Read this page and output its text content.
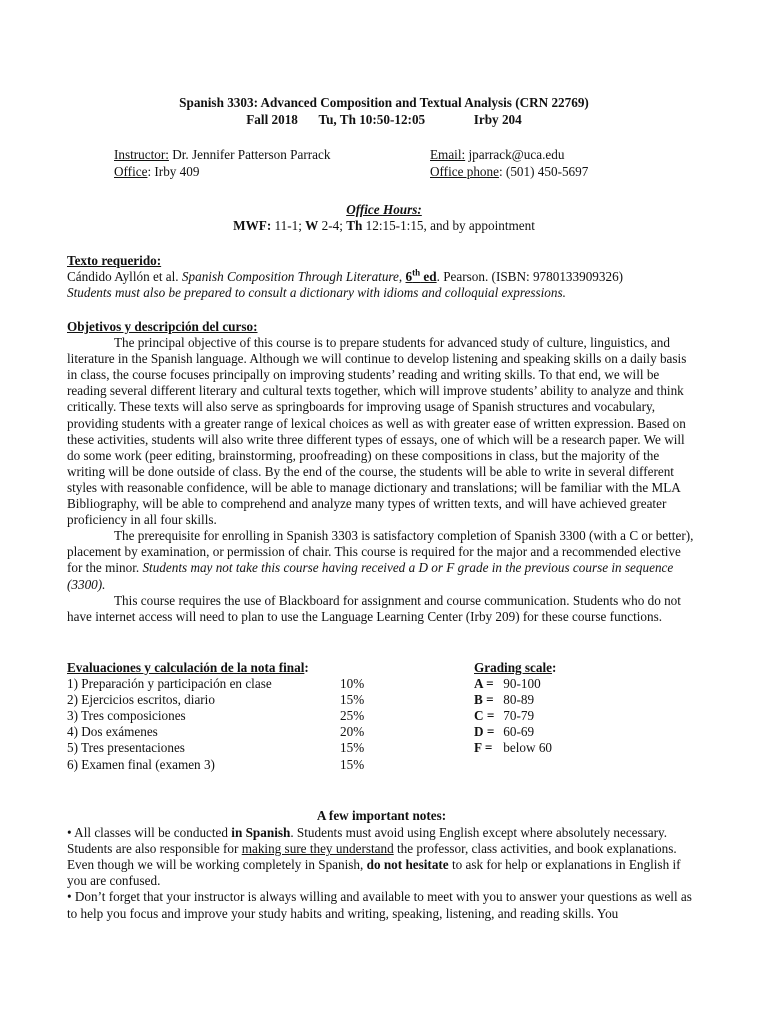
Spanish 3303: Advanced Composition and Textual Analysis (CRN 22769)
Fall 2018 Tu, Th 10:50-12:05	Irby 204
Instructor: Dr. Jennifer Patterson Parrack	Email: jparrack@uca.edu
Office: Irby 409	Office phone: (501) 450-5697
Office Hours:
MWF: 11-1; W 2-4; Th 12:15-1:15, and by appointment
Texto requerido:
Cándido Ayllón et al. Spanish Composition Through Literature, 6th ed. Pearson. (ISBN: 9780133909326)
Students must also be prepared to consult a dictionary with idioms and colloquial expressions.
Objetivos y descripción del curso:

The principal objective of this course is to prepare students for advanced study of culture, linguistics, and literature in the Spanish language. Although we will continue to develop listening and speaking skills on a daily basis in class, the course focuses principally on improving students’ reading and writing skills. To that end, we will be reading several different literary and cultural texts together, which will improve students’ ability to analyze and think critically. These texts will also serve as springboards for improving usage of Spanish structures and vocabulary, providing students with a greater range of lexical choices as well as with greater ease of written expression. Based on these activities, students will also write three different types of essays, one of which will be a research paper. We will do some work (peer editing, brainstorming, proofreading) on these compositions in class, but the majority of the writing will be done outside of class. By the end of the course, the students will be able to write in several different styles with reasonable confidence, will be able to manage dictionary and translations; will be familiar with the MLA Bibliography, will be able to comprehend and analyze many types of written texts, and will have achieved greater proficiency in all four skills.

The prerequisite for enrolling in Spanish 3303 is satisfactory completion of Spanish 3300 (with a C or better), placement by examination, or permission of chair. This course is required for the major and a recommended elective for the minor. Students may not take this course having received a D or F grade in the previous course in sequence (3300).

This course requires the use of Blackboard for assignment and course communication. Students who do not have internet access will need to plan to use the Language Learning Center (Irby 209) for these course functions.

Evaluaciones y calculación de la nota final:	Grading scale:
1) Preparación y participación en clase	10%	A = 90-100
2) Ejercicios escritos, diario	15%	B = 80-89
3) Tres composiciones	25%	C = 70-79
4) Dos exámenes	20%	D = 60-69
5) Tres presentaciones	15%	F = below 60
6) Examen final (examen 3)	15%
A few important notes:

• All classes will be conducted in Spanish. Students must avoid using English except where absolutely necessary. Students are also responsible for making sure they understand the professor, class activities, and book explanations. Even though we will be working completely in Spanish, do not hesitate to ask for help or explanations in English if you are confused.

• Don’t forget that your instructor is always willing and available to meet with you to answer your questions as well as to help you focus and improve your study habits and writing, speaking, listening, and reading skills. You
